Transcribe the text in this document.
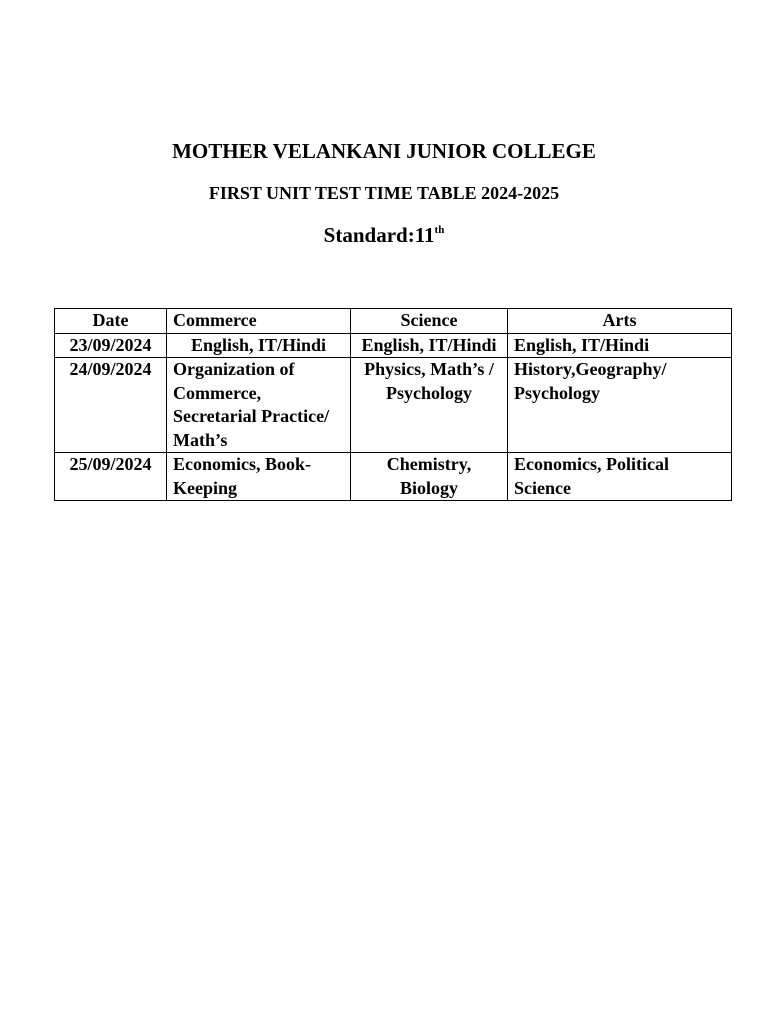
MOTHER VELANKANI JUNIOR COLLEGE
FIRST UNIT TEST TIME TABLE 2024-2025
Standard:11th
Date	Commerce	Science	Arts
23/09/2024	English, IT/Hindi	English, IT/Hindi	English, IT/Hindi
24/09/2024	Organization of Commerce, Secretarial Practice/ Math’s	Physics, Math’s / Psychology	History,Geography/ Psychology
25/09/2024	Economics, Book-Keeping	Chemistry, Biology	Economics, Political Science
